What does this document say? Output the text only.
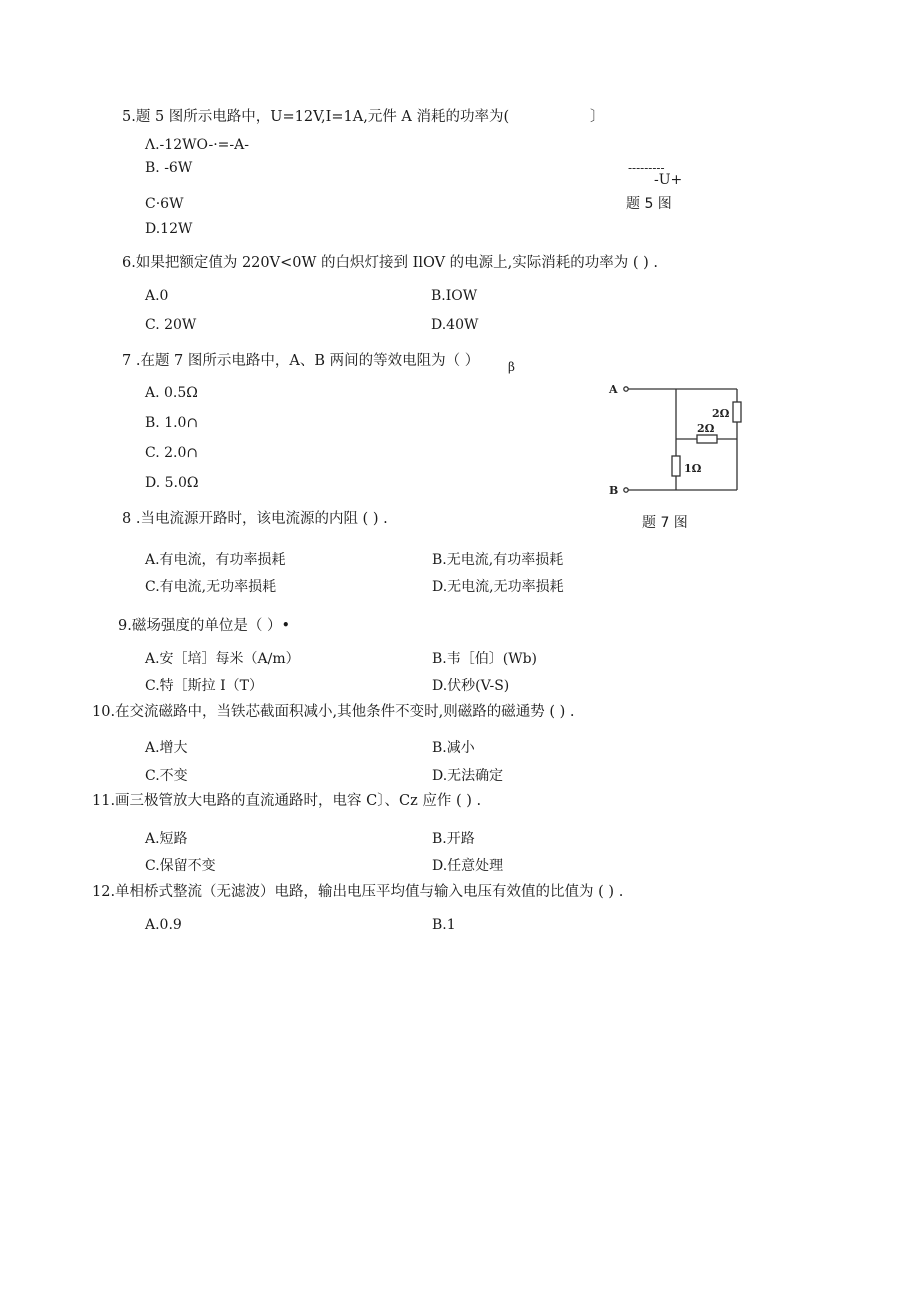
5.题 5 图所示电路中，U=12V,I=1A,元件 A 消耗的功率为(	〕
Λ.-12WO-·=-A-
B. -6W
C·6W
D.12W
---------
-U+
题 5 图
6.如果把额定值为 220V<0W 的白炽灯接到 IlOV 的电源上,实际消耗的功率为 ( ) .
A.0	B.IOW
C. 20W	D.40W
7 .在题 7 图所示电路中，A、B 两间的等效电阻为（ ） β
A. 0.5Ω
B. 1.0∩
C. 2.0∩
D. 5.0Ω
A
B
2Ω
2Ω
1Ω
题 7 图
8 .当电流源开路时，该电流源的内阻 ( ) .
A.有电流，有功率损耗	B.无电流,有功率损耗
C.有电流,无功率损耗	D.无电流,无功率损耗
9.磁场强度的单位是（ ）•
A.安［培］每米（A∕m）	B.韦［伯〕(Wb)
C.特［斯拉 I（T）	D.伏秒(V-S)
10.在交流磁路中，当铁芯截面积减小,其他条件不变时,则磁路的磁通势 ( ) .
A.增大	B.减小
C.不变	D.无法确定
11.画三极管放大电路的直流通路时，电容 C〕、Cz 应作 ( ) .
A.短路	B.开路
C.保留不变	D.任意处理
12.单相桥式整流（无滤波）电路，输出电压平均值与输入电压有效值的比值为 ( ) .
A.0.9	B.1
